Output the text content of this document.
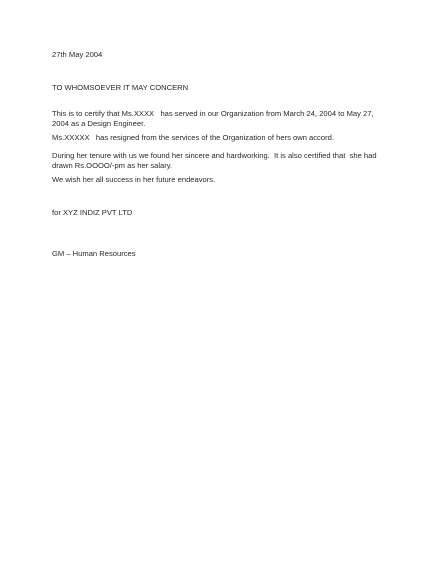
27th May 2004

TO WHOMSOEVER IT MAY CONCERN

This is to certify that Ms.XXXX   has served in our Organization from March 24, 2004 to May 27, 2004 as a Design Engineer.

Ms.XXXXX   has resigned from the services of the Organization of hers own accord.

During her tenure with us we found her sincere and hardworking.  It is also certified that  she had drawn Rs.OOOO/-pm as her salary.

We wish her all success in her future endeavors.

for XYZ INDIZ PVT LTD

GM – Human Resources
